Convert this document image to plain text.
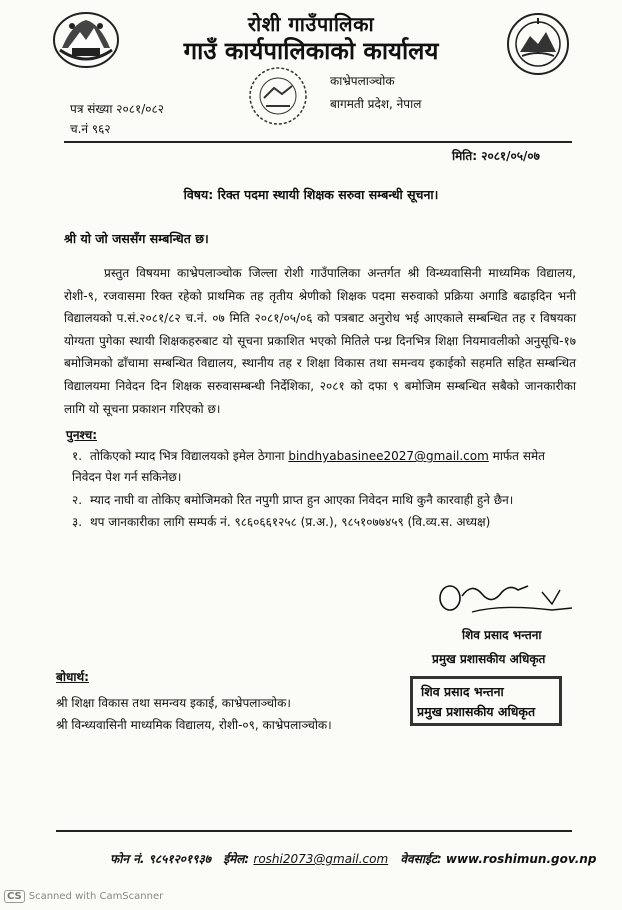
रोशी गाउँपालिका
गाउँ कार्यपालिकाको कार्यालय
काभ्रेपलाञ्चोक
बागमती प्रदेश, नेपाल
पत्र संख्या २०८१/०८२
च.नं ९६२
मिति: २०८१/०५/०७
विषय: रिक्त पदमा स्थायी शिक्षक सरुवा सम्बन्धी सूचना।
श्री यो जो जससँग सम्बन्धित छ।
प्रस्तुत विषयमा काभ्रेपलाञ्चोक जिल्ला रोशी गाउँपालिका अन्तर्गत श्री विन्ध्यवासिनी माध्यमिक विद्यालय, रोशी-९, रजवासमा रिक्त रहेको प्राथमिक तह तृतीय श्रेणीको शिक्षक पदमा सरुवाको प्रक्रिया अगाडि बढाइदिन भनी विद्यालयको प.सं.२०८१/८२ च.नं. ०७ मिति २०८१/०५/०६ को पत्रबाट अनुरोध भई आएकाले सम्बन्धित तह र विषयका योग्यता पुगेका स्थायी शिक्षकहरुबाट यो सूचना प्रकाशित भएको मितिले पन्ध्र दिनभित्र शिक्षा नियमावलीको अनुसूचि-१७ बमोजिमको ढाँचामा सम्बन्धित विद्यालय, स्थानीय तह र शिक्षा विकास तथा समन्वय इकाईको सहमति सहित सम्बन्धित विद्यालयमा निवेदन दिन शिक्षक सरुवासम्बन्धी निर्देशिका, २०८१ को दफा ९ बमोजिम सम्बन्धित सबैको जानकारीका लागि यो सूचना प्रकाशन गरिएको छ।
पुनश्च:
१. तोकिएको म्याद भित्र विद्यालयको इमेल ठेगाना bindhyabasinee2027@gmail.com मार्फत समेत निवेदन पेश गर्न सकिनेछ।
२. म्याद नाघी वा तोकिए बमोजिमको रित नपुगी प्राप्त हुन आएका निवेदन माथि कुनै कारवाही हुने छैन।
३. थप जानकारीका लागि सम्पर्क नं. ९८६०६६१२५८ (प्र.अ.), ९८५१०७७४५९ (वि.व्य.स. अध्यक्ष)
शिव प्रसाद भन्तना
प्रमुख प्रशासकीय अधिकृत
शिव प्रसाद भन्तना
प्रमुख प्रशासकीय अधिकृत
बोधार्थ:
श्री शिक्षा विकास तथा समन्वय इकाई, काभ्रेपलाञ्चोक।
श्री विन्ध्यवासिनी माध्यमिक विद्यालय, रोशी-०९, काभ्रेपलाञ्चोक।
फोन नं. ९८५१२०१९३७ ईमेल: roshi2073@gmail.com वेवसाईट: www.roshimun.gov.np
CS Scanned with CamScanner
